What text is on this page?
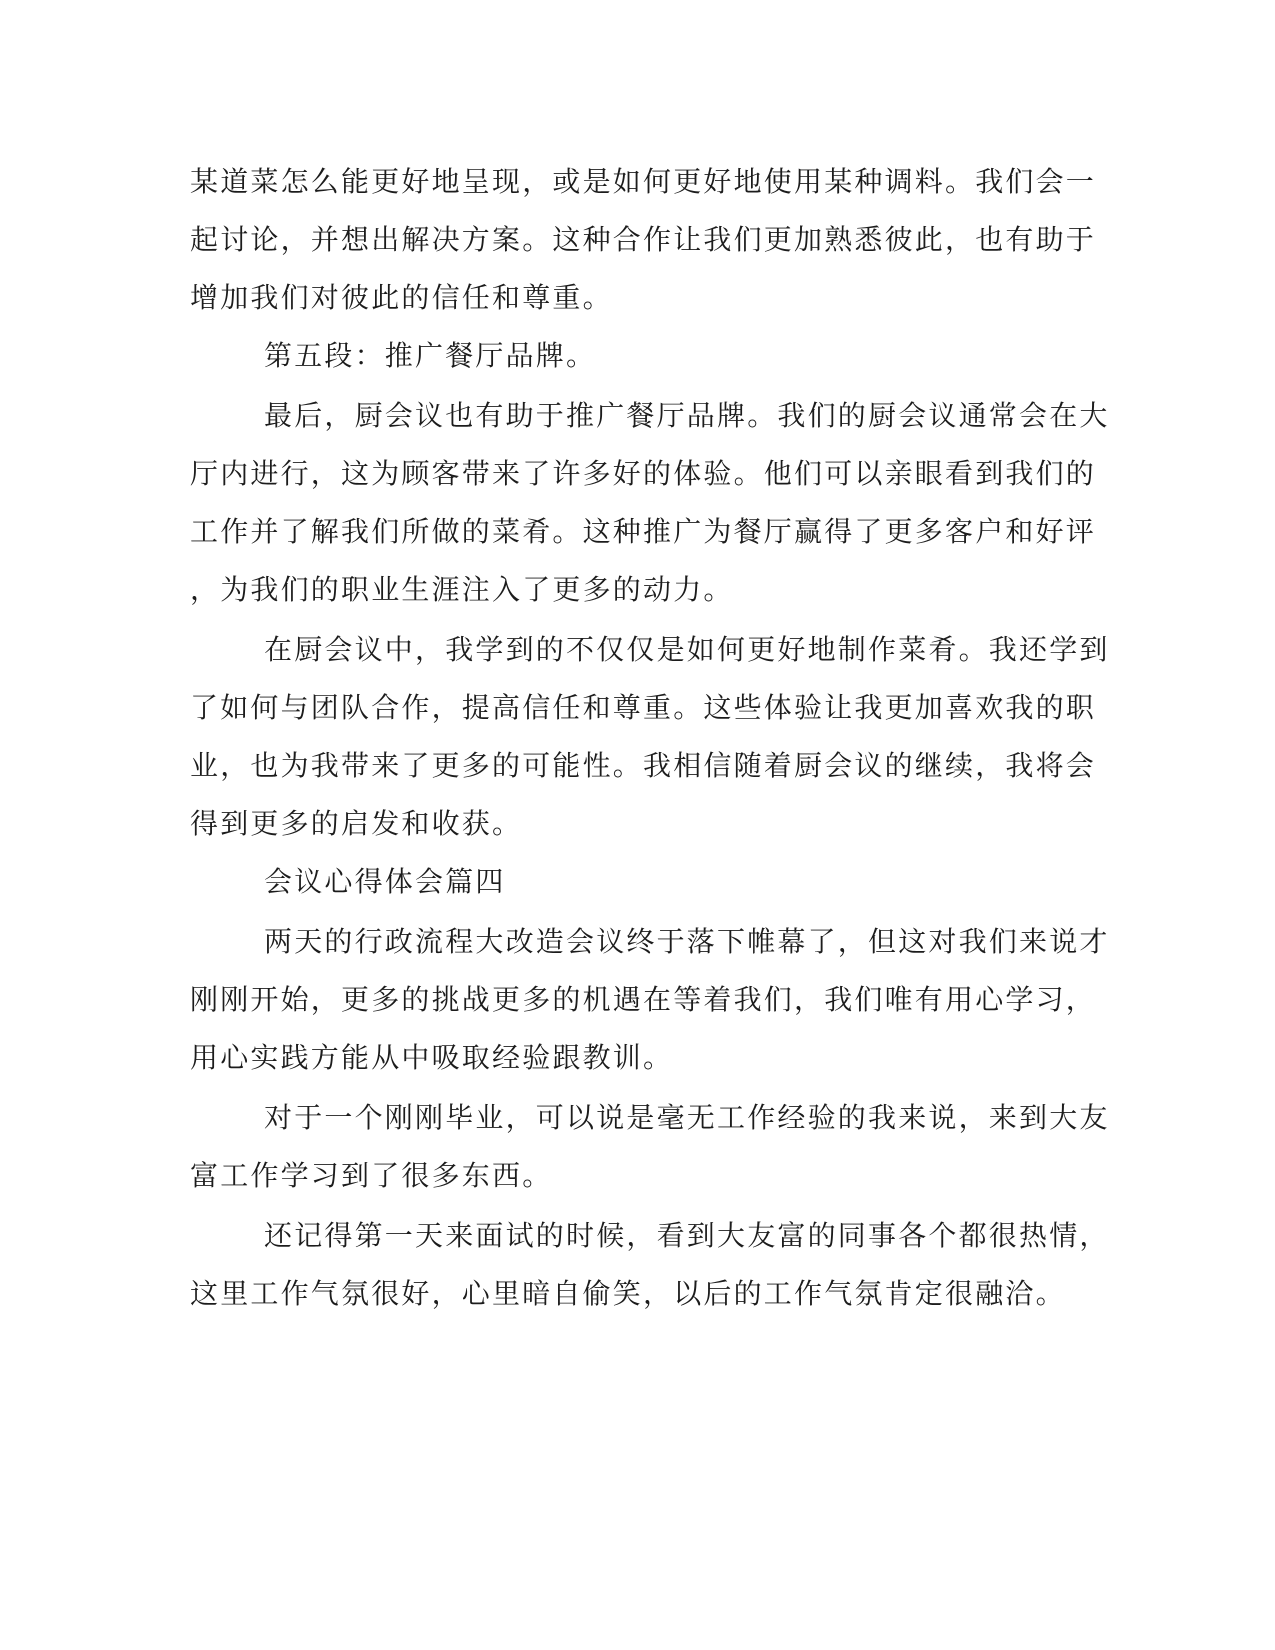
某道菜怎么能更好地呈现，或是如何更好地使用某种调料。我们会一

起讨论，并想出解决方案。这种合作让我们更加熟悉彼此，也有助于

增加我们对彼此的信任和尊重。

第五段：推广餐厅品牌。

最后，厨会议也有助于推广餐厅品牌。我们的厨会议通常会在大

厅内进行，这为顾客带来了许多好的体验。他们可以亲眼看到我们的

工作并了解我们所做的菜肴。这种推广为餐厅赢得了更多客户和好评

，为我们的职业生涯注入了更多的动力。

在厨会议中，我学到的不仅仅是如何更好地制作菜肴。我还学到

了如何与团队合作，提高信任和尊重。这些体验让我更加喜欢我的职

业，也为我带来了更多的可能性。我相信随着厨会议的继续，我将会

得到更多的启发和收获。

会议心得体会篇四

两天的行政流程大改造会议终于落下帷幕了，但这对我们来说才

刚刚开始，更多的挑战更多的机遇在等着我们，我们唯有用心学习，

用心实践方能从中吸取经验跟教训。

对于一个刚刚毕业，可以说是毫无工作经验的我来说，来到大友

富工作学习到了很多东西。

还记得第一天来面试的时候，看到大友富的同事各个都很热情，

这里工作气氛很好，心里暗自偷笑，以后的工作气氛肯定很融洽。
